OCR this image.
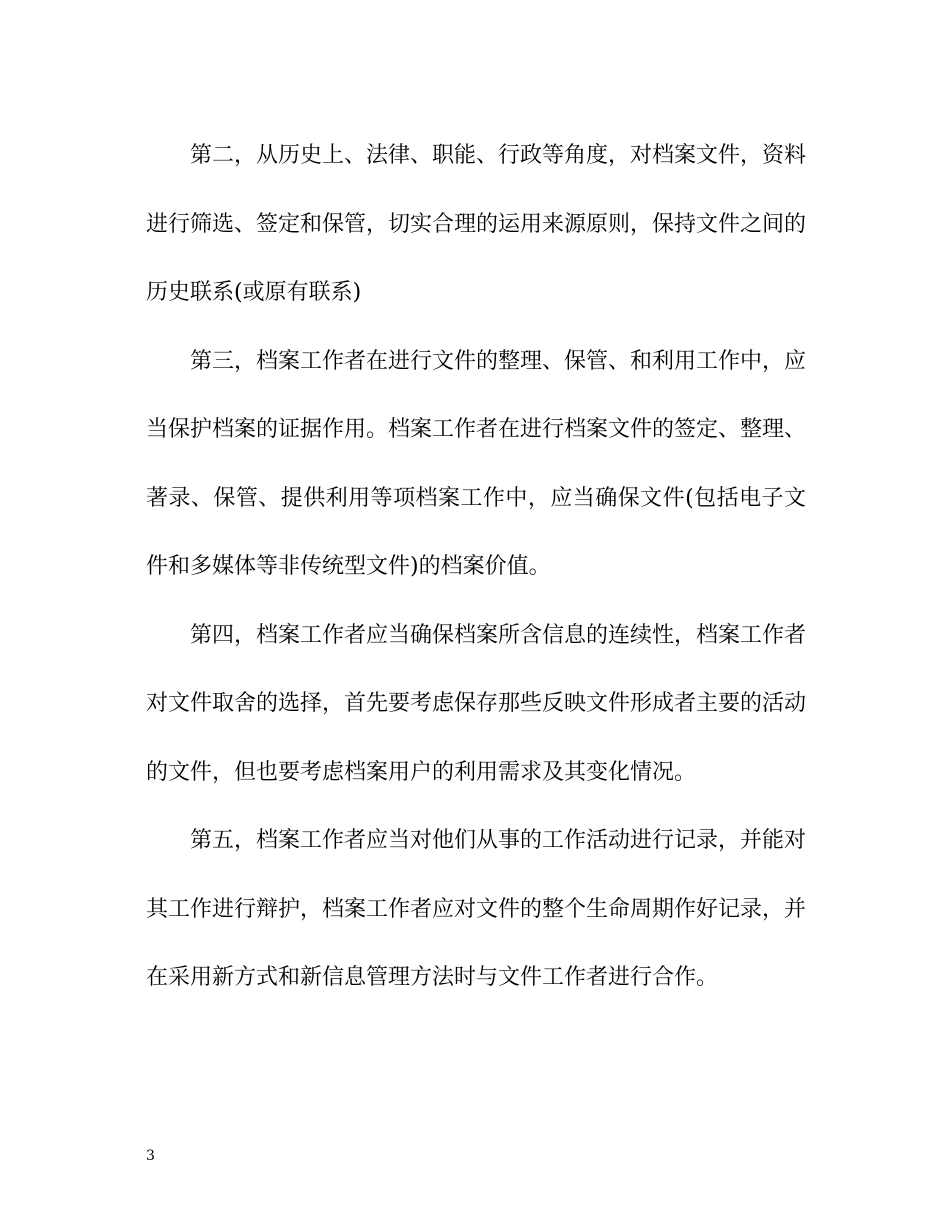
第二，从历史上、法律、职能、行政等角度，对档案文件，资料进行筛选、签定和保管，切实合理的运用来源原则，保持文件之间的历史联系(或原有联系)

第三，档案工作者在进行文件的整理、保管、和利用工作中，应当保护档案的证据作用。档案工作者在进行档案文件的签定、整理、著录、保管、提供利用等项档案工作中，应当确保文件(包括电子文件和多媒体等非传统型文件)的档案价值。

第四，档案工作者应当确保档案所含信息的连续性，档案工作者对文件取舍的选择，首先要考虑保存那些反映文件形成者主要的活动的文件，但也要考虑档案用户的利用需求及其变化情况。

第五，档案工作者应当对他们从事的工作活动进行记录，并能对其工作进行辩护，档案工作者应对文件的整个生命周期作好记录，并在采用新方式和新信息管理方法时与文件工作者进行合作。

3
